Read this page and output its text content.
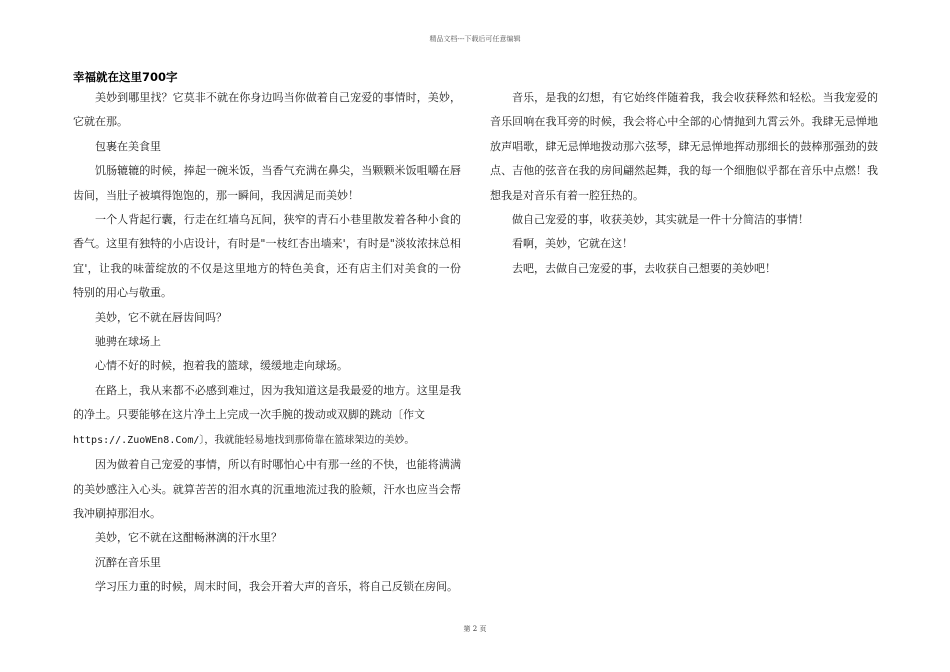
精品文档---下载后可任意编辑
幸福就在这里700字

美妙到哪里找？它莫非不就在你身边吗当你做着自己宠爱的事情时，美妙，它就在那。

包裹在美食里

饥肠辘辘的时候，捧起一碗米饭，当香气充满在鼻尖，当颗颗米饭咀嚼在唇齿间，当肚子被填得饱饱的，那一瞬间，我因满足而美妙！

一个人背起行囊，行走在红墙乌瓦间，狭窄的青石小巷里散发着各种小食的香气。这里有独特的小店设计，有时是"一枝红杏出墙来'，有时是"淡妆浓抹总相宜'，让我的味蕾绽放的不仅是这里地方的特色美食，还有店主们对美食的一份特别的用心与敬重。

美妙，它不就在唇齿间吗？

驰骋在球场上

心情不好的时候，抱着我的篮球，缓缓地走向球场。

在路上，我从来都不必感到难过，因为我知道这是我最爱的地方。这里是我的净土。只要能够在这片净土上完成一次手腕的拨动或双脚的跳动〔作文

https://.ZuoWEn8.Com/〕，我就能轻易地找到那倚靠在篮球架边的美妙。

因为做着自己宠爱的事情，所以有时哪怕心中有那一丝的不快，也能将满满的美妙感注入心头。就算苦苦的泪水真的沉重地流过我的脸颊，汗水也应当会帮我冲刷掉那泪水。

美妙，它不就在这酣畅淋漓的汗水里？

沉醉在音乐里

学习压力重的时候，周末时间，我会开着大声的音乐，将自己反锁在房间。

音乐，是我的幻想，有它始终伴随着我，我会收获释然和轻松。当我宠爱的音乐回响在我耳旁的时候，我会将心中全部的心情抛到九霄云外。我肆无忌惮地放声唱歌，肆无忌惮地拨动那六弦琴，肆无忌惮地挥动那细长的鼓棒那强劲的鼓点、吉他的弦音在我的房间翩然起舞，我的每一个细胞似乎都在音乐中点燃！我想我是对音乐有着一腔狂热的。

做自己宠爱的事，收获美妙，其实就是一件十分简洁的事情！

看啊，美妙，它就在这！

去吧，去做自己宠爱的事，去收获自己想要的美妙吧！

第 2 页
